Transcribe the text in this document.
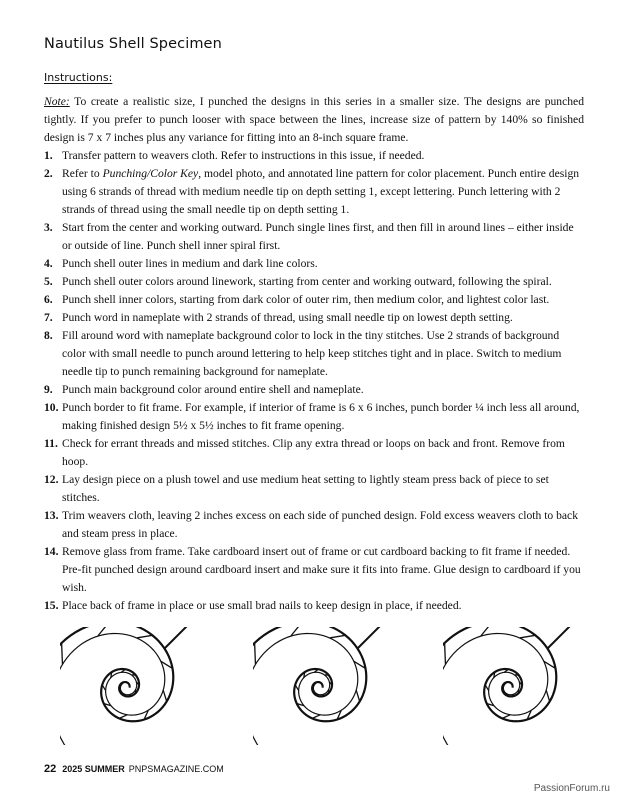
Nautilus Shell Specimen
Instructions:

Note: To create a realistic size, I punched the designs in this series in a smaller size. The designs are punched tightly. If you prefer to punch looser with space between the lines, increase size of pattern by 140% so finished design is 7 x 7 inches plus any variance for fitting into an 8-inch square frame.

1. Transfer pattern to weavers cloth. Refer to instructions in this issue, if needed.
2. Refer to Punching/Color Key, model photo, and annotated line pattern for color placement. Punch entire design using 6 strands of thread with medium needle tip on depth setting 1, except lettering. Punch lettering with 2 strands of thread using the small needle tip on depth setting 1.
3. Start from the center and working outward. Punch single lines first, and then fill in around lines – either inside or outside of line. Punch shell inner spiral first.
4. Punch shell outer lines in medium and dark line colors.
5. Punch shell outer colors around linework, starting from center and working outward, following the spiral.
6. Punch shell inner colors, starting from dark color of outer rim, then medium color, and lightest color last.
7. Punch word in nameplate with 2 strands of thread, using small needle tip on lowest depth setting.
8. Fill around word with nameplate background color to lock in the tiny stitches. Use 2 strands of background color with small needle to punch around lettering to help keep stitches tight and in place. Switch to medium needle tip to punch remaining background for nameplate.
9. Punch main background color around entire shell and nameplate.
10. Punch border to fit frame. For example, if interior of frame is 6 x 6 inches, punch border ¼ inch less all around, making finished design 5½ x 5½ inches to fit frame opening.
11. Check for errant threads and missed stitches. Clip any extra thread or loops on back and front. Remove from hoop.
12. Lay design piece on a plush towel and use medium heat setting to lightly steam press back of piece to set stitches.
13. Trim weavers cloth, leaving 2 inches excess on each side of punched design. Fold excess weavers cloth to back and steam press in place.
14. Remove glass from frame. Take cardboard insert out of frame or cut cardboard backing to fit frame if needed. Pre-fit punched design around cardboard insert and make sure it fits into frame. Glue design to cardboard if you wish.
15. Place back of frame in place or use small brad nails to keep design in place, if needed.
22 2025 SUMMER PNPSMAGAZINE.COM
PassionForum.ru
